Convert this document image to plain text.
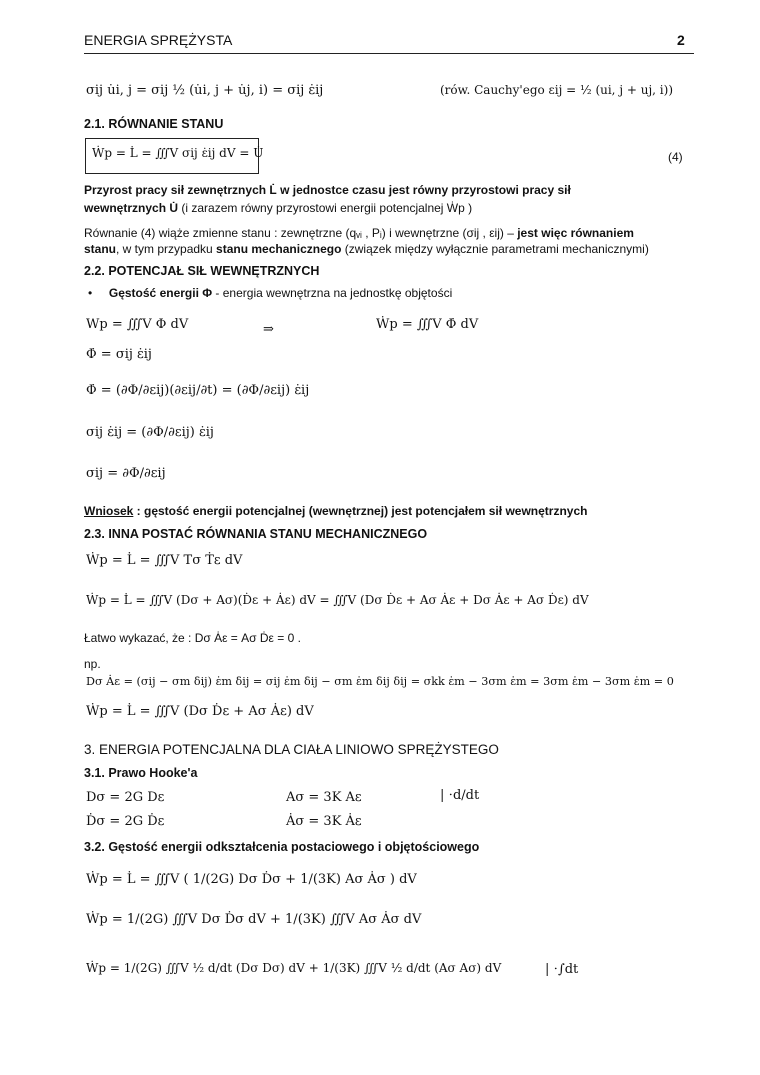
ENERGIA SPRĘŻYSTA	2
σij u̇i, j = σij ½ (u̇i, j + u̇j, i) = σij ε̇ij	(rów. Cauchy'ego εij = ½ (ui, j + uj, i))
2.1. RÓWNANIE STANU
Ẇp = L̇ = ∭V σij ε̇ij dV = U̇	(4)
Przyrost pracy sił zewnętrznych L̇ w jednostce czasu jest równy przyrostowi pracy sił
wewnętrznych U̇ (i zarazem równy przyrostowi energii potencjalnej Ẇp )
Równanie (4) wiąże zmienne stanu : zewnętrzne (qᵥᵢ , Pᵢ) i wewnętrzne (σij , εij) – jest więc równaniem
stanu, w tym przypadku stanu mechanicznego (związek między wyłącznie parametrami mechanicznymi)
2.2. POTENCJAŁ SIŁ WEWNĘTRZNYCH
•     Gęstość energii Φ - energia wewnętrzna na jednostkę objętości
Wp = ∭V Φ dV	⇒	Ẇp = ∭V Φ̇ dV
Φ̇ = σij ε̇ij
Φ̇ = (∂Φ/∂εij)(∂εij/∂t) = (∂Φ/∂εij) ε̇ij
σij ε̇ij = (∂Φ/∂εij) ε̇ij
σij = ∂Φ/∂εij
Wniosek : gęstość energii potencjalnej (wewnętrznej) jest potencjałem sił wewnętrznych
2.3. INNA POSTAĆ RÓWNANIA STANU MECHANICZNEGO
Ẇp = L̇ = ∭V Tσ Ṫε dV
Ẇp = L̇ = ∭V (Dσ + Aσ)(Ḋε + Ȧε) dV = ∭V (Dσ Ḋε + Aσ Ȧε + Dσ Ȧε + Aσ Ḋε) dV
Łatwo wykazać, że : Dσ Ȧε = Aσ Ḋε = 0 .
np.
Dσ Ȧε = (σij − σm δij) ε̇m δij = σij ε̇m δij − σm ε̇m δij δij = σkk ε̇m − 3σm ε̇m = 3σm ε̇m − 3σm ε̇m = 0
Ẇp = L̇ = ∭V (Dσ Ḋε + Aσ Ȧε) dV
3. ENERGIA POTENCJALNA DLA CIAŁA LINIOWO SPRĘŻYSTEGO
3.1. Prawo Hooke'a
Dσ = 2G Dε	Aσ = 3K Aε	| ⋅d/dt
Ḋσ = 2G Ḋε	Ȧσ = 3K Ȧε
3.2. Gęstość energii odkształcenia postaciowego i objętościowego
Ẇp = L̇ = ∭V ( 1/(2G) Dσ Ḋσ + 1/(3K) Aσ Ȧσ ) dV
Ẇp = 1/(2G) ∭V Dσ Ḋσ dV + 1/(3K) ∭V Aσ Ȧσ dV
Ẇp = 1/(2G) ∭V ½ d/dt (Dσ Dσ) dV + 1/(3K) ∭V ½ d/dt (Aσ Aσ) dV	| ⋅∫dt
